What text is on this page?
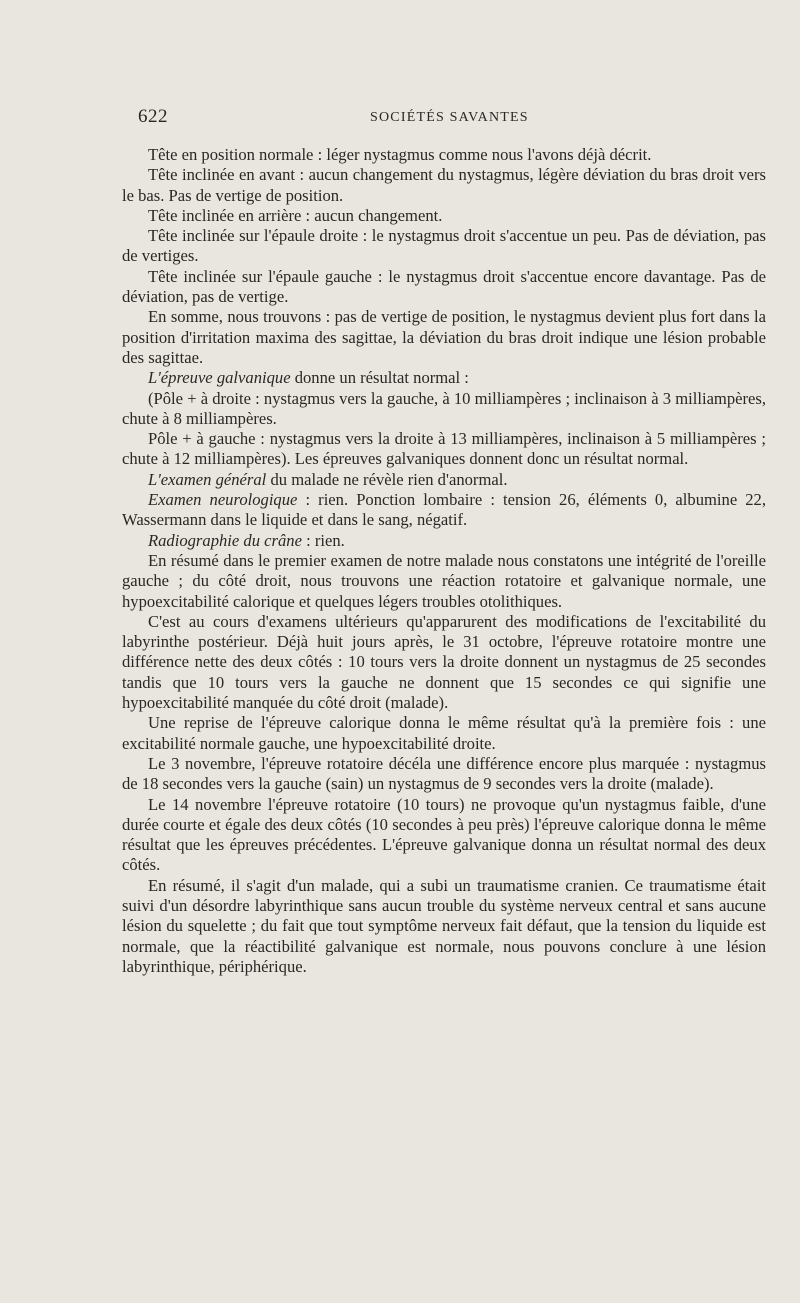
622	SOCIÉTÉS SAVANTES

Tête en position normale : léger nystagmus comme nous l'avons déjà décrit.

Tête inclinée en avant : aucun changement du nystagmus, légère déviation du bras droit vers le bas. Pas de vertige de position.

Tête inclinée en arrière : aucun changement.

Tête inclinée sur l'épaule droite : le nystagmus droit s'accentue un peu. Pas de déviation, pas de vertiges.

Tête inclinée sur l'épaule gauche : le nystagmus droit s'accentue encore davantage. Pas de déviation, pas de vertige.

En somme, nous trouvons : pas de vertige de position, le nystagmus devient plus fort dans la position d'irritation maxima des sagittae, la déviation du bras droit indique une lésion probable des sagittae.

L'épreuve galvanique donne un résultat normal :

(Pôle + à droite : nystagmus vers la gauche, à 10 milliampères ; inclinaison à 3 milliampères, chute à 8 milliampères.

Pôle + à gauche : nystagmus vers la droite à 13 milliampères, inclinaison à 5 milliampères ; chute à 12 milliampères). Les épreuves galvaniques donnent donc un résultat normal.

L'examen général du malade ne révèle rien d'anormal.

Examen neurologique : rien. Ponction lombaire : tension 26, éléments 0, albumine 22, Wassermann dans le liquide et dans le sang, négatif.

Radiographie du crâne : rien.

En résumé dans le premier examen de notre malade nous constatons une intégrité de l'oreille gauche ; du côté droit, nous trouvons une réaction rotatoire et galvanique normale, une hypoexcitabilité calorique et quelques légers troubles otolithiques.

C'est au cours d'examens ultérieurs qu'apparurent des modifications de l'excitabilité du labyrinthe postérieur. Déjà huit jours après, le 31 octobre, l'épreuve rotatoire montre une différence nette des deux côtés : 10 tours vers la droite donnent un nystagmus de 25 secondes tandis que 10 tours vers la gauche ne donnent que 15 secondes ce qui signifie une hypoexcitabilité manquée du côté droit (malade).

Une reprise de l'épreuve calorique donna le même résultat qu'à la première fois : une excitabilité normale gauche, une hypoexcitabilité droite.

Le 3 novembre, l'épreuve rotatoire décéla une différence encore plus marquée : nystagmus de 18 secondes vers la gauche (sain) un nystagmus de 9 secondes vers la droite (malade).

Le 14 novembre l'épreuve rotatoire (10 tours) ne provoque qu'un nystagmus faible, d'une durée courte et égale des deux côtés (10 secondes à peu près) l'épreuve calorique donna le même résultat que les épreuves précédentes. L'épreuve galvanique donna un résultat normal des deux côtés.

En résumé, il s'agit d'un malade, qui a subi un traumatisme cranien. Ce traumatisme était suivi d'un désordre labyrinthique sans aucun trouble du système nerveux central et sans aucune lésion du squelette ; du fait que tout symptôme nerveux fait défaut, que la tension du liquide est normale, que la réactibilité galvanique est normale, nous pouvons conclure à une lésion labyrinthique, périphérique.
